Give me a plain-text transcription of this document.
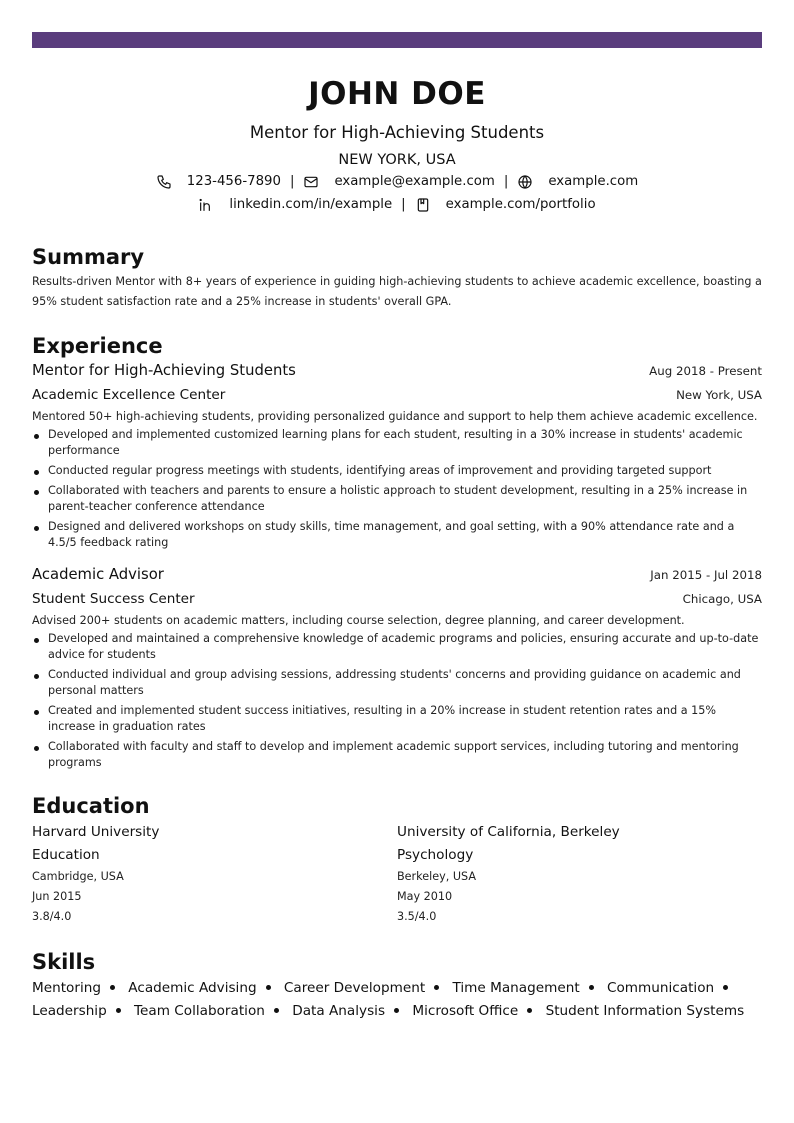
JOHN DOE
Mentor for High-Achieving Students
NEW YORK, USA
123-456-7890 |	example@example.com |	example.com
linkedin.com/in/example |	example.com/portfolio
Summary

Results-driven Mentor with 8+ years of experience in guiding high-achieving students to achieve academic excellence, boasting a 95% student satisfaction rate and a 25% increase in students' overall GPA.

Experience
Mentor for High-Achieving Students	Aug 2018 - Present
Academic Excellence Center	New York, USA
Mentored 50+ high-achieving students, providing personalized guidance and support to help them achieve academic excellence.
Developed and implemented customized learning plans for each student, resulting in a 30% increase in students' academic performance
Conducted regular progress meetings with students, identifying areas of improvement and providing targeted support
Collaborated with teachers and parents to ensure a holistic approach to student development, resulting in a 25% increase in parent-teacher conference attendance
Designed and delivered workshops on study skills, time management, and goal setting, with a 90% attendance rate and a 4.5/5 feedback rating
Academic Advisor	Jan 2015 - Jul 2018
Student Success Center	Chicago, USA
Advised 200+ students on academic matters, including course selection, degree planning, and career development.
Developed and maintained a comprehensive knowledge of academic programs and policies, ensuring accurate and up-to-date advice for students
Conducted individual and group advising sessions, addressing students' concerns and providing guidance on academic and personal matters
Created and implemented student success initiatives, resulting in a 20% increase in student retention rates and a 15% increase in graduation rates
Collaborated with faculty and staff to develop and implement academic support services, including tutoring and mentoring programs
Education
Harvard University
Education
Cambridge, USA
Jun 2015
3.8/4.0
University of California, Berkeley
Psychology
Berkeley, USA
May 2010
3.5/4.0
Skills
Mentoring Academic Advising Career Development Time Management Communication
Leadership Team Collaboration Data Analysis Microsoft Office Student Information Systems
